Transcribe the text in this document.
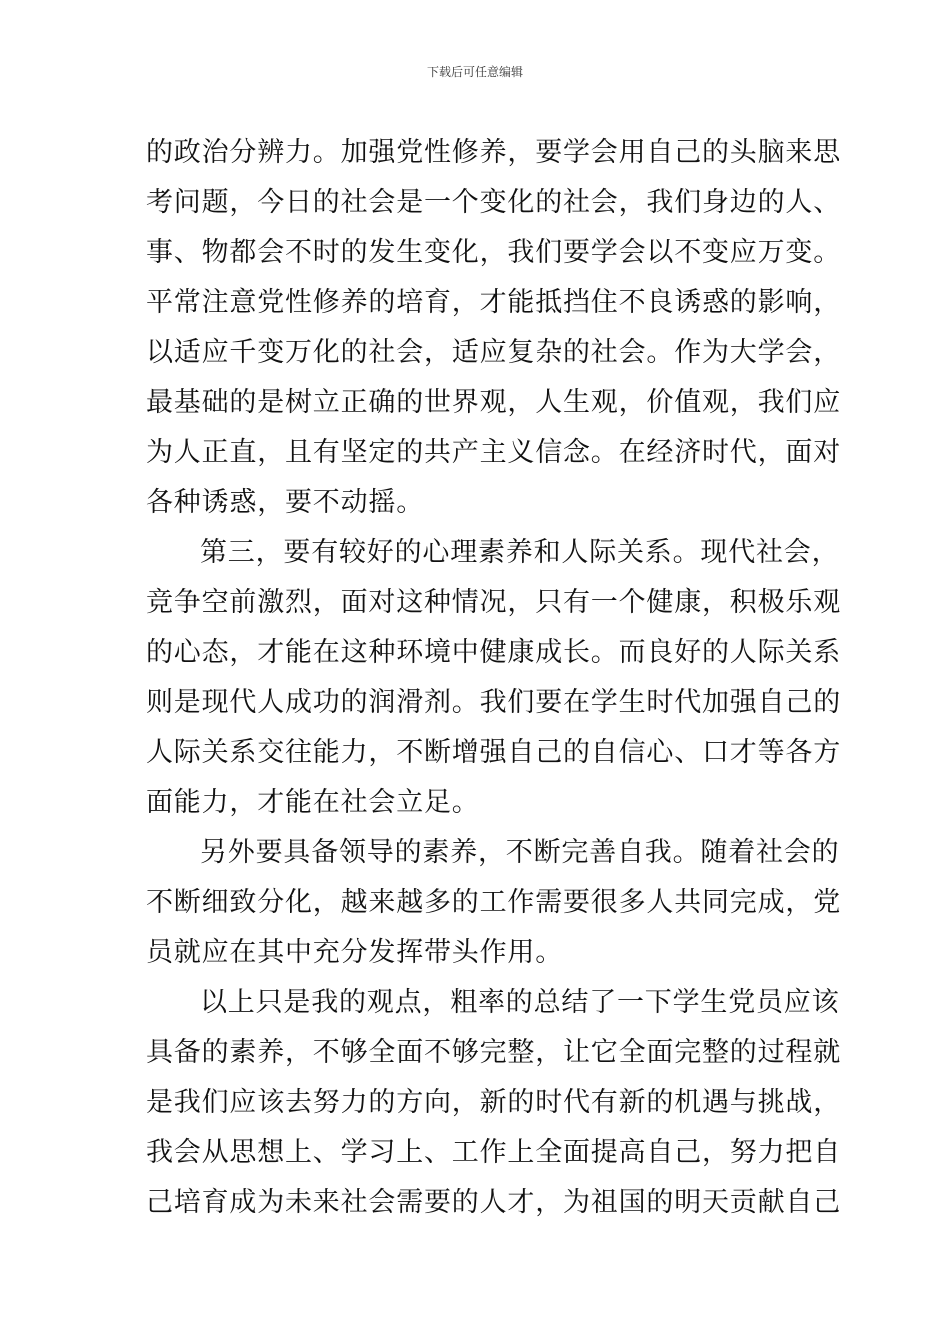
下载后可任意编辑
的政治分辨力。加强党性修养，要学会用自己的头脑来思
考问题，今日的社会是一个变化的社会，我们身边的人、
事、物都会不时的发生变化，我们要学会以不变应万变。
平常注意党性修养的培育，才能抵挡住不良诱惑的影响，
以适应千变万化的社会，适应复杂的社会。作为大学会，
最基础的是树立正确的世界观，人生观，价值观，我们应
为人正直，且有坚定的共产主义信念。在经济时代，面对
各种诱惑，要不动摇。
第三，要有较好的心理素养和人际关系。现代社会，
竞争空前激烈，面对这种情况，只有一个健康，积极乐观
的心态，才能在这种环境中健康成长。而良好的人际关系
则是现代人成功的润滑剂。我们要在学生时代加强自己的
人际关系交往能力，不断增强自己的自信心、口才等各方
面能力，才能在社会立足。
另外要具备领导的素养，不断完善自我。随着社会的
不断细致分化，越来越多的工作需要很多人共同完成，党
员就应在其中充分发挥带头作用。
以上只是我的观点，粗率的总结了一下学生党员应该
具备的素养，不够全面不够完整，让它全面完整的过程就
是我们应该去努力的方向，新的时代有新的机遇与挑战，
我会从思想上、学习上、工作上全面提高自己，努力把自
己培育成为未来社会需要的人才，为祖国的明天贡献自己
